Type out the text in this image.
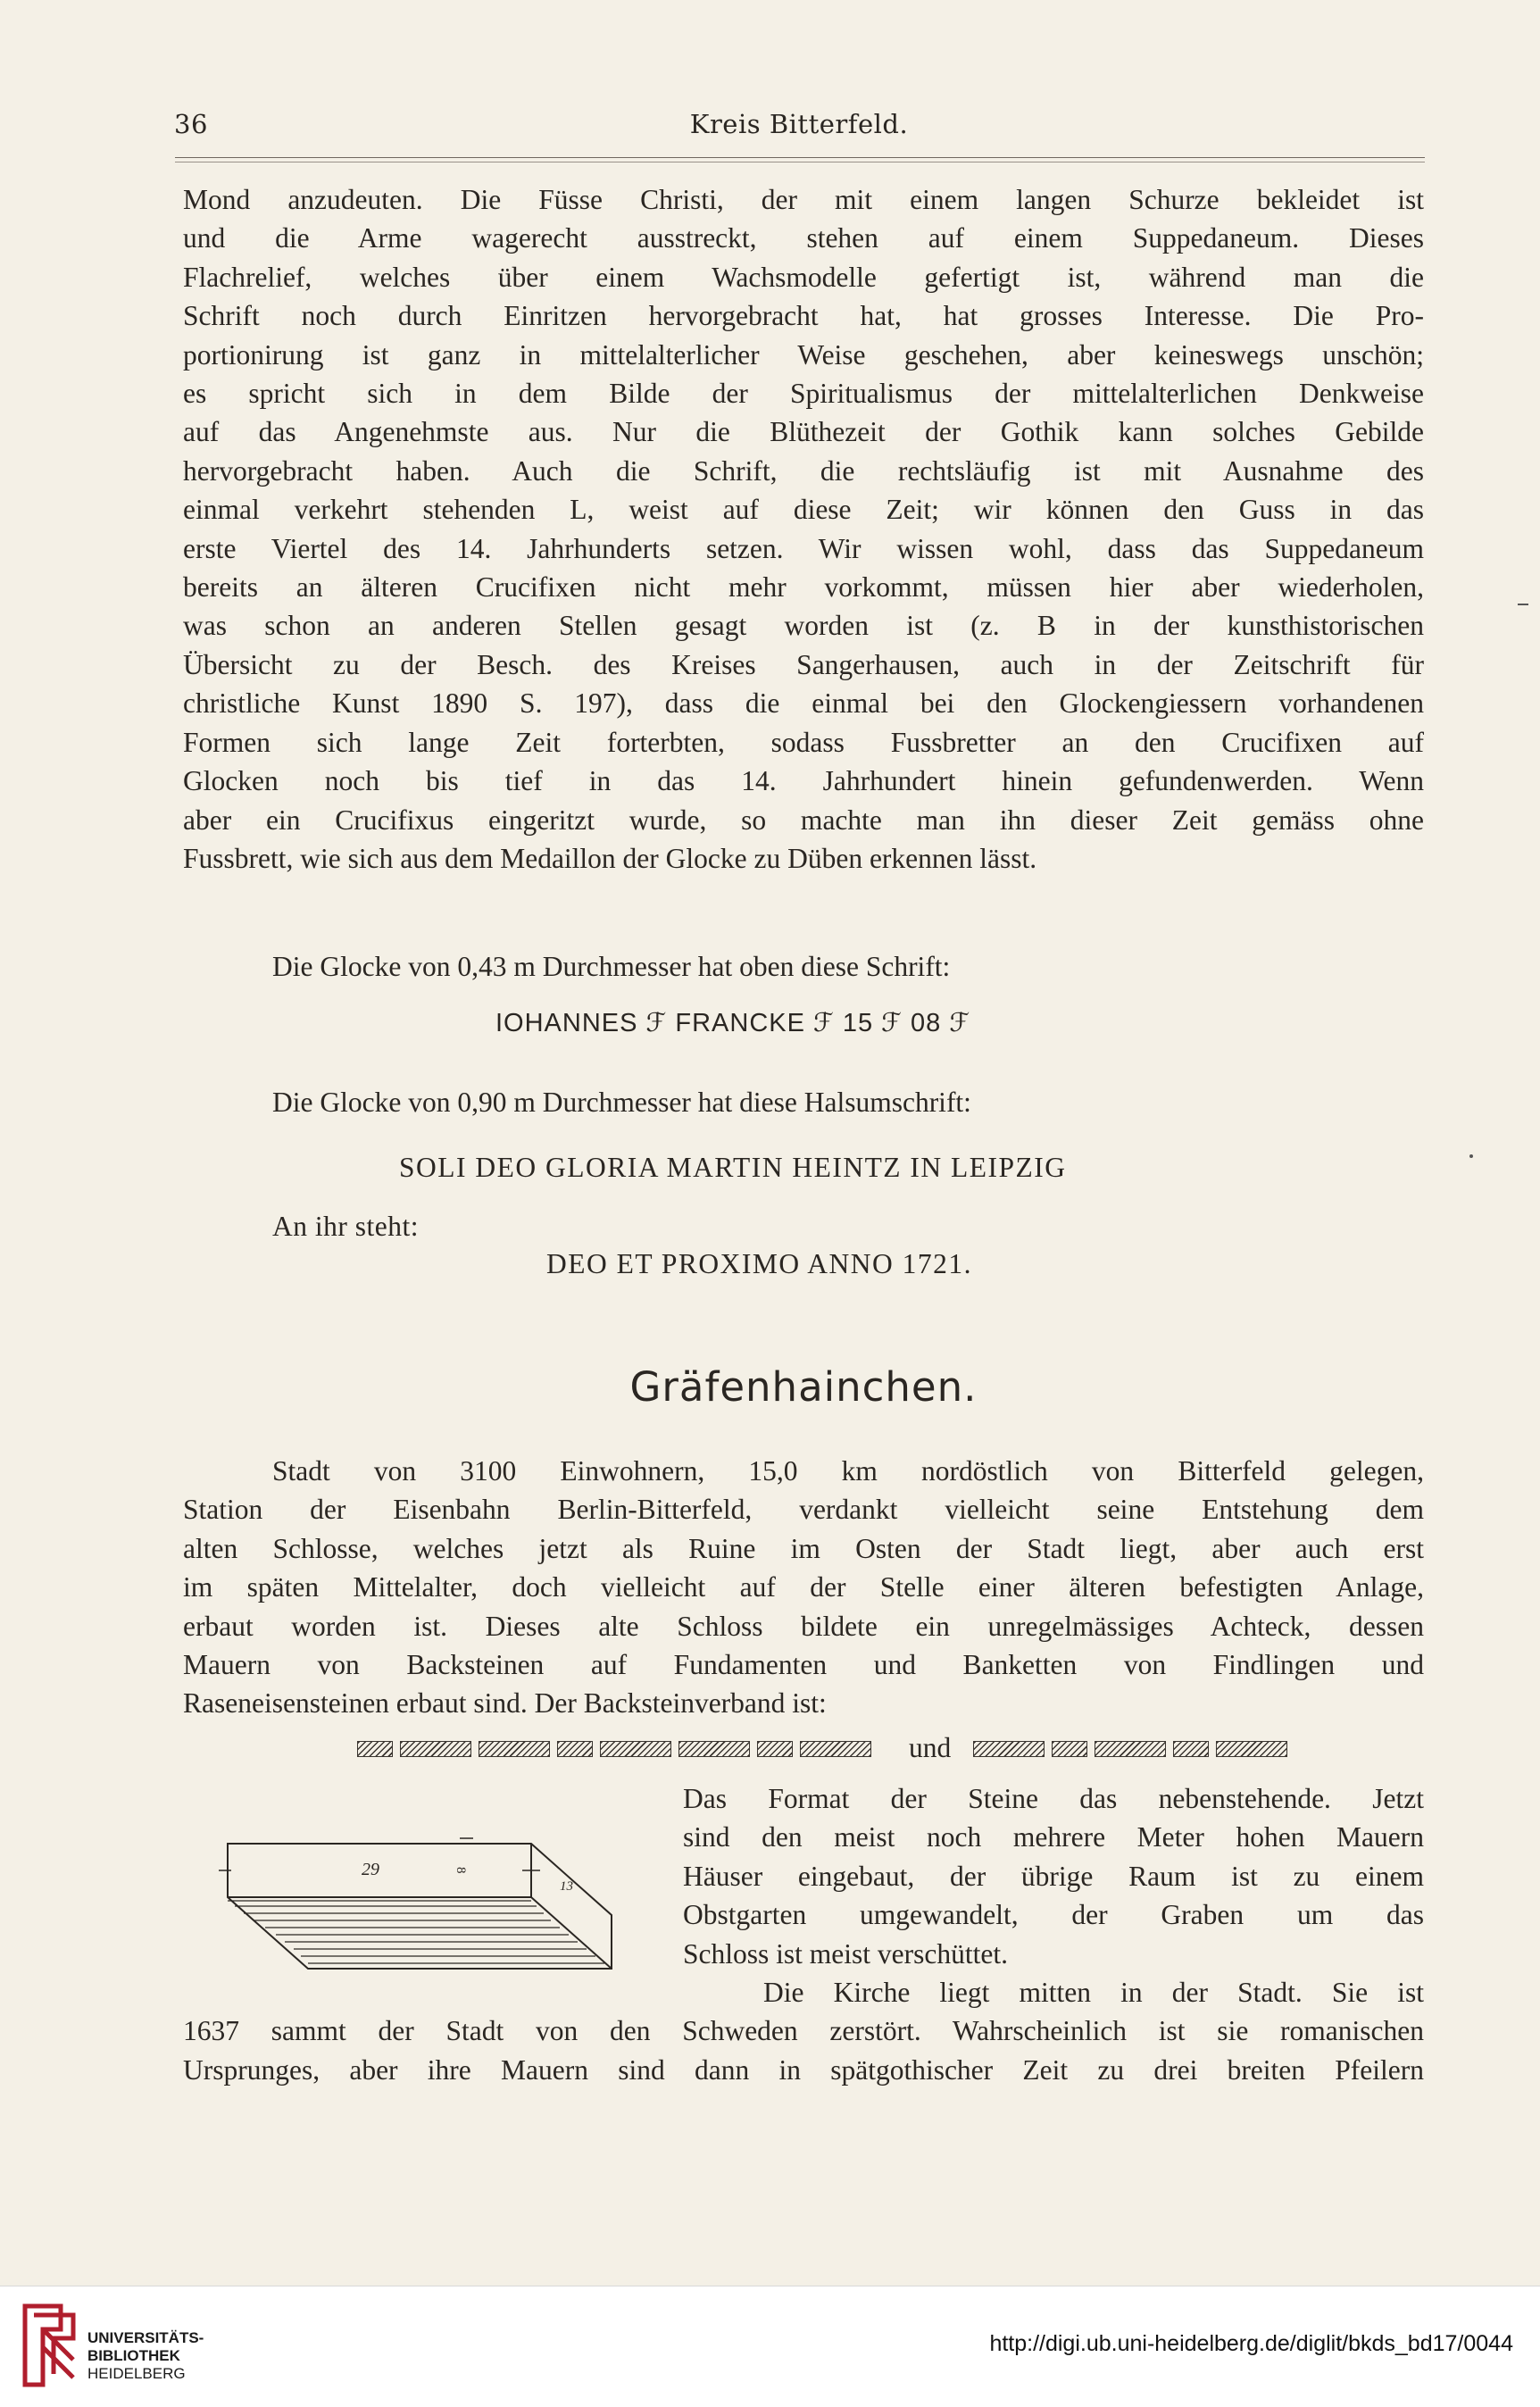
36	Kreis Bitterfeld.
Mond anzudeuten. Die Füsse Christi, der mit einem langen Schurze bekleidet ist
und die Arme wagerecht ausstreckt, stehen auf einem Suppedaneum. Dieses
Flachrelief, welches über einem Wachsmodelle gefertigt ist, während man die
Schrift noch durch Einritzen hervorgebracht hat, hat grosses Interesse. Die Pro-
portionirung ist ganz in mittelalterlicher Weise geschehen, aber keineswegs unschön;
es spricht sich in dem Bilde der Spiritualismus der mittelalterlichen Denkweise
auf das Angenehmste aus. Nur die Blüthezeit der Gothik kann solches Gebilde
hervorgebracht haben. Auch die Schrift, die rechtsläufig ist mit Ausnahme des
einmal verkehrt stehenden L, weist auf diese Zeit; wir können den Guss in das
erste Viertel des 14. Jahrhunderts setzen. Wir wissen wohl, dass das Suppedaneum
bereits an älteren Crucifixen nicht mehr vorkommt, müssen hier aber wiederholen,
was schon an anderen Stellen gesagt worden ist (z. B in der kunsthistorischen
Übersicht zu der Besch. des Kreises Sangerhausen, auch in der Zeitschrift für
christliche Kunst 1890 S. 197), dass die einmal bei den Glockengiessern vorhandenen
Formen sich lange Zeit forterbten, sodass Fussbretter an den Crucifixen auf
Glocken noch bis tief in das 14. Jahrhundert hinein gefundenwerden. Wenn
aber ein Crucifixus eingeritzt wurde, so machte man ihn dieser Zeit gemäss ohne
Fussbrett, wie sich aus dem Medaillon der Glocke zu Düben erkennen lässt.
Die Glocke von 0,43 m Durchmesser hat oben diese Schrift:
IOHANNES ℱ FRANCKE ℱ 15 ℱ 08 ℱ
Die Glocke von 0,90 m Durchmesser hat diese Halsumschrift:
SOLI DEO GLORIA MARTIN HEINTZ IN LEIPZIG
An ihr steht:
DEO ET PROXIMO ANNO 1721.
Gräfenhainchen.
Stadt von 3100 Einwohnern, 15,0 km nordöstlich von Bitterfeld gelegen,
Station der Eisenbahn Berlin-Bitterfeld, verdankt vielleicht seine Entstehung dem
alten Schlosse, welches jetzt als Ruine im Osten der Stadt liegt, aber auch erst
im späten Mittelalter, doch vielleicht auf der Stelle einer älteren befestigten Anlage,
erbaut worden ist. Dieses alte Schloss bildete ein unregelmässiges Achteck, dessen
Mauern von Backsteinen auf Fundamenten und Banketten von Findlingen und
Raseneisensteinen erbaut sind. Der Backsteinverband ist:
und
29	8
13
Das Format der Steine das nebenstehende. Jetzt
sind den meist noch mehrere Meter hohen Mauern
Häuser eingebaut, der übrige Raum ist zu einem
Obstgarten umgewandelt, der Graben um das
Schloss ist meist verschüttet.
Die Kirche liegt mitten in der Stadt. Sie ist
1637 sammt der Stadt von den Schweden zerstört. Wahrscheinlich ist sie romanischen
Ursprunges, aber ihre Mauern sind dann in spätgothischer Zeit zu drei breiten Pfeilern
UNIVERSITÄTS-
BIBLIOTHEK
HEIDELBERG
http://digi.ub.uni-heidelberg.de/diglit/bkds_bd17/0044
